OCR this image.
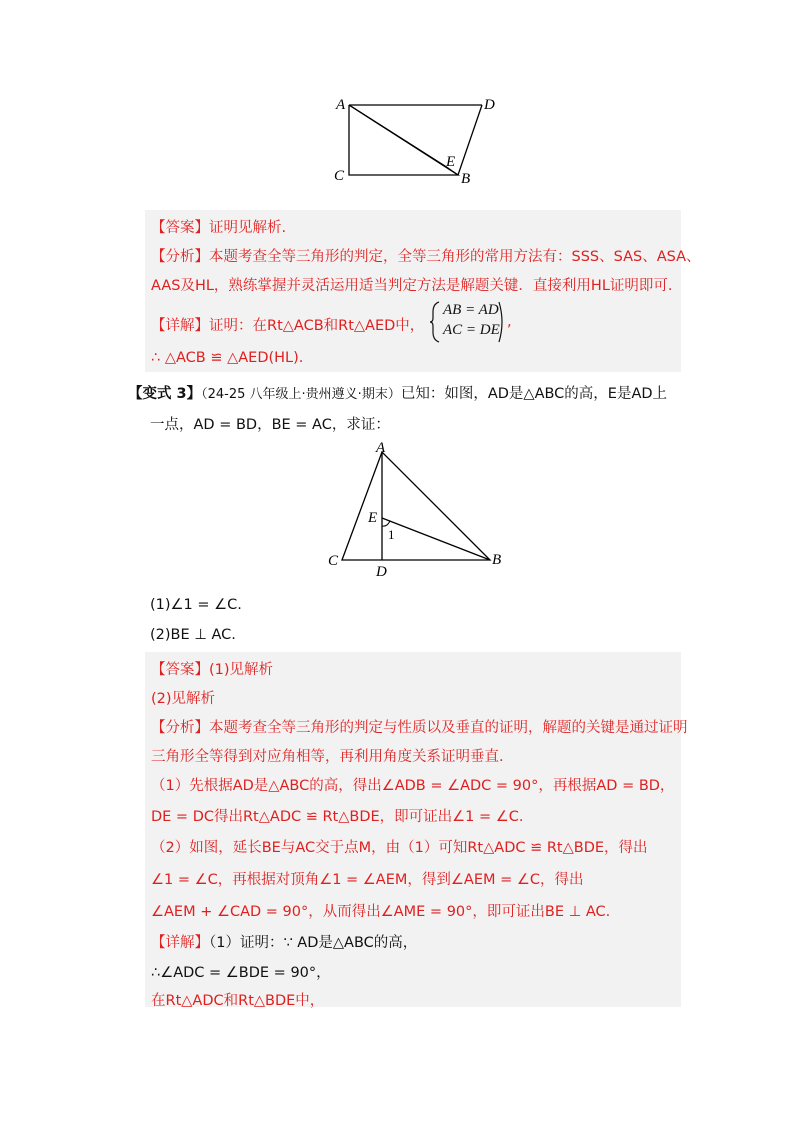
A	D
C	B
E
【答案】证明见解析.
【分析】本题考查全等三角形的判定，全等三角形的常用方法有：SSS、SAS、ASA、
AAS及HL，熟练掌握并灵活运用适当判定方法是解题关键．直接利用HL证明即可.
【详解】证明：在Rt△ACB和Rt△AED中，
AB = AD
AC = DE ,
∴ △ACB ≌ △AED(HL).
【变式 3】（24-25 八年级上·贵州遵义·期末）已知：如图，AD是△ABC的高，E是AD上
一点，AD = BD，BE = AC，求证：
A
E
1
C
D
B
(1)∠1 = ∠C.
(2)BE ⊥ AC.
【答案】(1)见解析
(2)见解析
【分析】本题考查全等三角形的判定与性质以及垂直的证明，解题的关键是通过证明
三角形全等得到对应角相等，再利用角度关系证明垂直.
（1）先根据AD是△ABC的高，得出∠ADB = ∠ADC = 90°，再根据AD = BD，
DE = DC得出Rt△ADC ≌ Rt△BDE，即可证出∠1 = ∠C.
（2）如图，延长BE与AC交于点M，由（1）可知Rt△ADC ≌ Rt△BDE，得出
∠1 = ∠C，再根据对顶角∠1 = ∠AEM，得到∠AEM = ∠C，得出
∠AEM + ∠CAD = 90°，从而得出∠AME = 90°，即可证出BE ⊥ AC.
【详解】（1）证明：∵ AD是△ABC的高，
∴∠ADC = ∠BDE = 90°，
在Rt△ADC和Rt△BDE中，
